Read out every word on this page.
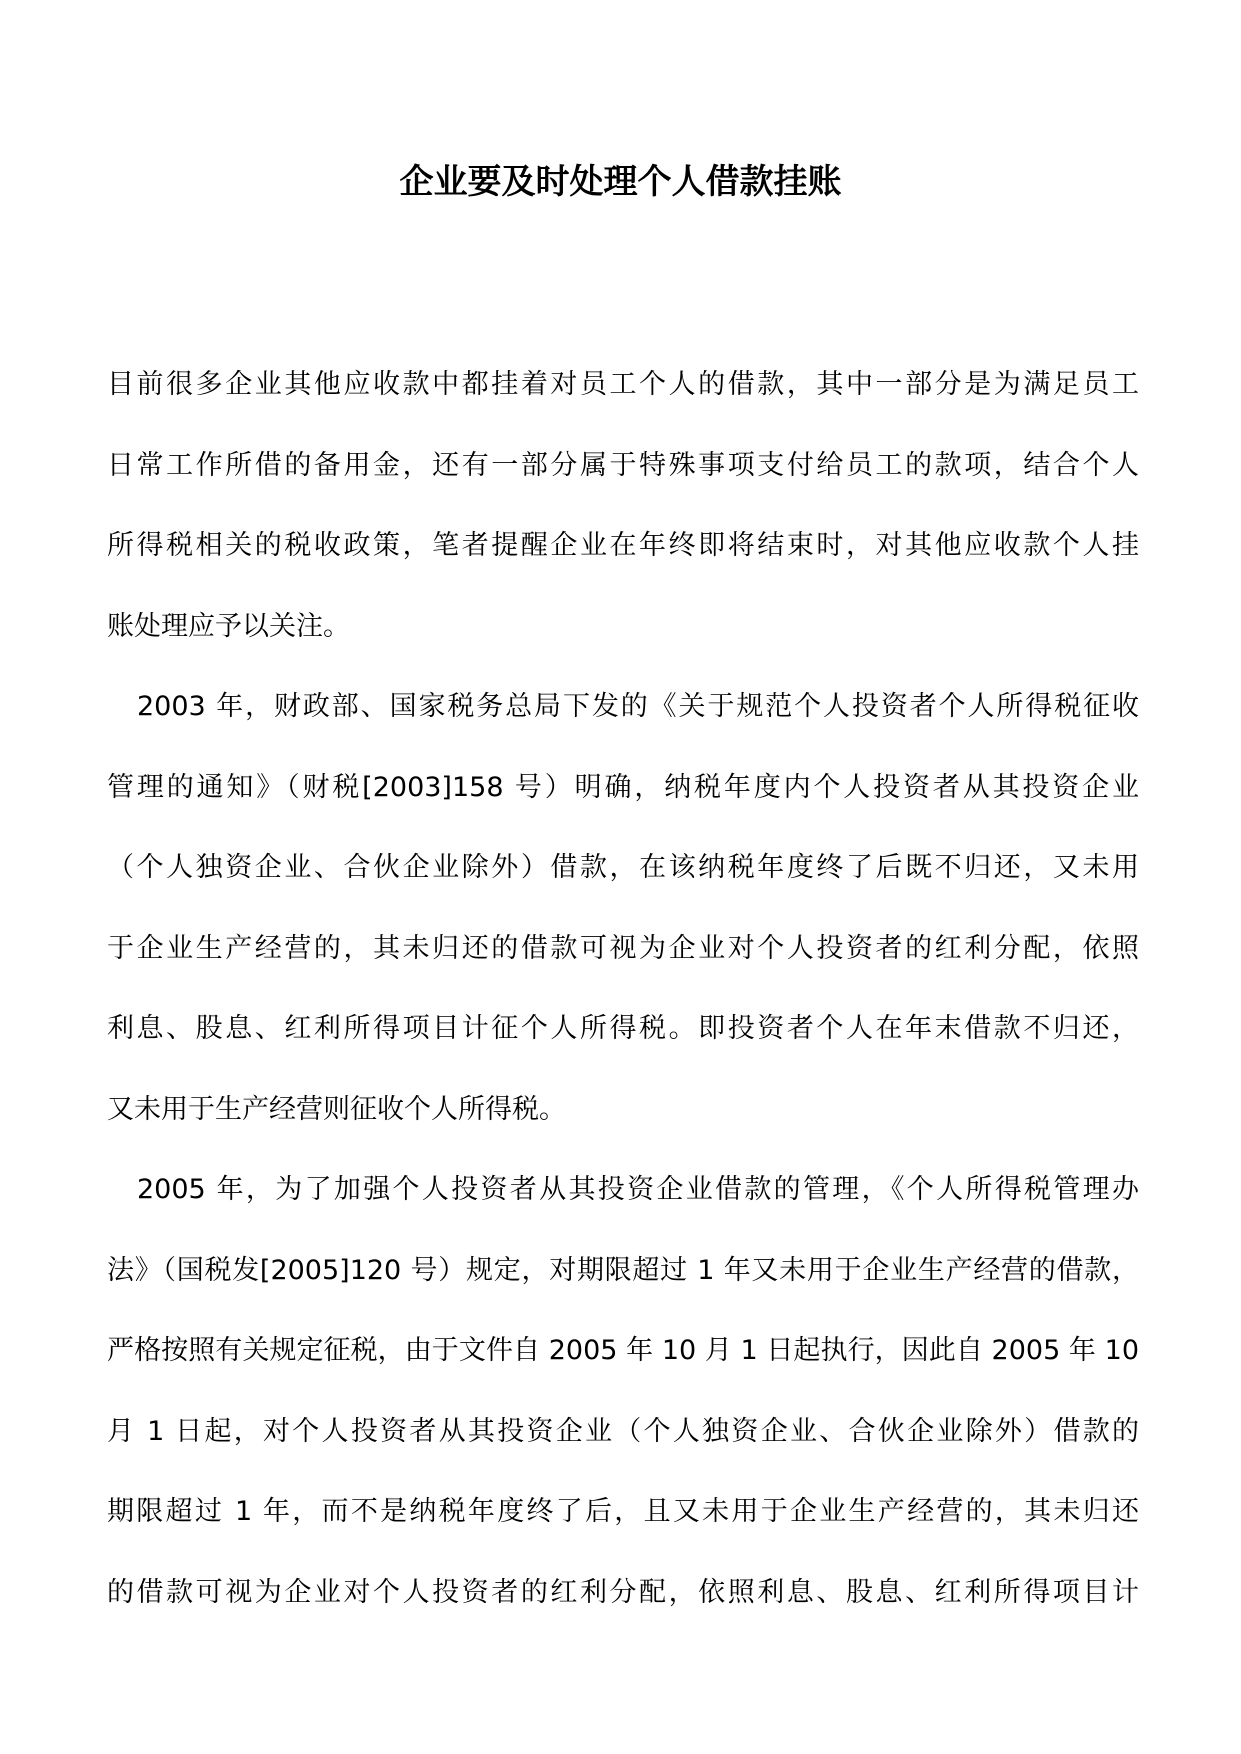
企业要及时处理个人借款挂账

目前很多企业其他应收款中都挂着对员工个人的借款，其中一部分是为满足员工
日常工作所借的备用金，还有一部分属于特殊事项支付给员工的款项，结合个人
所得税相关的税收政策，笔者提醒企业在年终即将结束时，对其他应收款个人挂
账处理应予以关注。

2003 年，财政部、国家税务总局下发的《关于规范个人投资者个人所得税征收
管理的通知》（财税[2003]158 号）明确，纳税年度内个人投资者从其投资企业
（个人独资企业、合伙企业除外）借款，在该纳税年度终了后既不归还，又未用
于企业生产经营的，其未归还的借款可视为企业对个人投资者的红利分配，依照
利息、股息、红利所得项目计征个人所得税。即投资者个人在年末借款不归还，
又未用于生产经营则征收个人所得税。

2005 年，为了加强个人投资者从其投资企业借款的管理，《个人所得税管理办
法》（国税发[2005]120 号）规定，对期限超过 1 年又未用于企业生产经营的借款，
严格按照有关规定征税，由于文件自 2005 年 10 月 1 日起执行，因此自 2005 年 10
月 1 日起，对个人投资者从其投资企业（个人独资企业、合伙企业除外）借款的
期限超过 1 年，而不是纳税年度终了后，且又未用于企业生产经营的，其未归还
的借款可视为企业对个人投资者的红利分配，依照利息、股息、红利所得项目计
